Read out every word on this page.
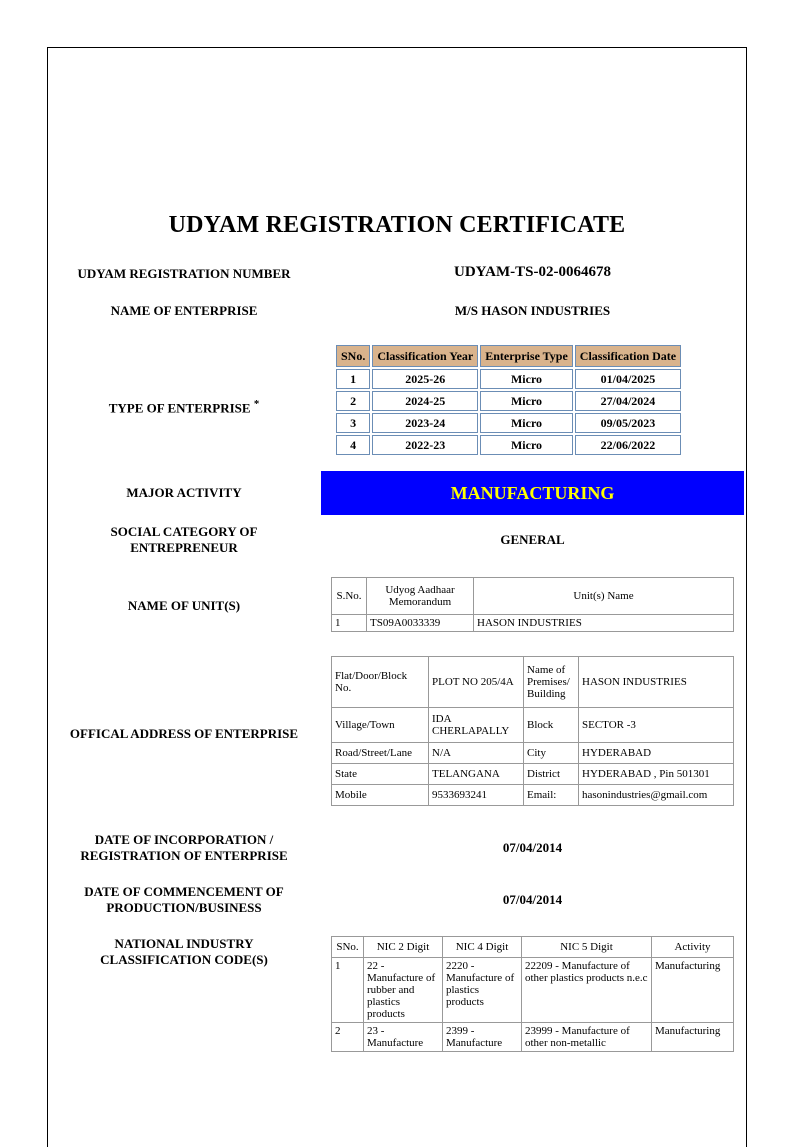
UDYAM REGISTRATION CERTIFICATE
UDYAM REGISTRATION NUMBER	UDYAM-TS-02-0064678
NAME OF ENTERPRISE	M/S HASON INDUSTRIES
TYPE OF ENTERPRISE *
SNo.	Classification Year	Enterprise Type	Classification Date
1	2025-26	Micro	01/04/2025
2	2024-25	Micro	27/04/2024
3	2023-24	Micro	09/05/2023
4	2022-23	Micro	22/06/2022
MAJOR ACTIVITY	MANUFACTURING
SOCIAL CATEGORY OF
ENTREPRENEUR
GENERAL
NAME OF UNIT(S)
S.No.	Udyog Aadhaar Memorandum	Unit(s) Name
1	TS09A0033339	HASON INDUSTRIES
OFFICAL ADDRESS OF ENTERPRISE
Flat/Door/Block No.	PLOT NO 205/4A	Name of Premises/ Building	HASON INDUSTRIES
Village/Town	IDA CHERLAPALLY	Block	SECTOR -3
Road/Street/Lane	N/A	City	HYDERABAD
State	TELANGANA	District	HYDERABAD , Pin 501301
Mobile	9533693241	Email:	hasonindustries@gmail.com
DATE OF INCORPORATION /
REGISTRATION OF ENTERPRISE
07/04/2014
DATE OF COMMENCEMENT OF
PRODUCTION/BUSINESS
07/04/2014
NATIONAL INDUSTRY
CLASSIFICATION CODE(S)
SNo.	NIC 2 Digit	NIC 4 Digit	NIC 5 Digit	Activity
1	22 - Manufacture of rubber and plastics products	2220 - Manufacture of plastics products	22209 - Manufacture of other plastics products n.e.c	Manufacturing
2	23 - Manufacture	2399 - Manufacture	23999 - Manufacture of other non-metallic	Manufacturing
